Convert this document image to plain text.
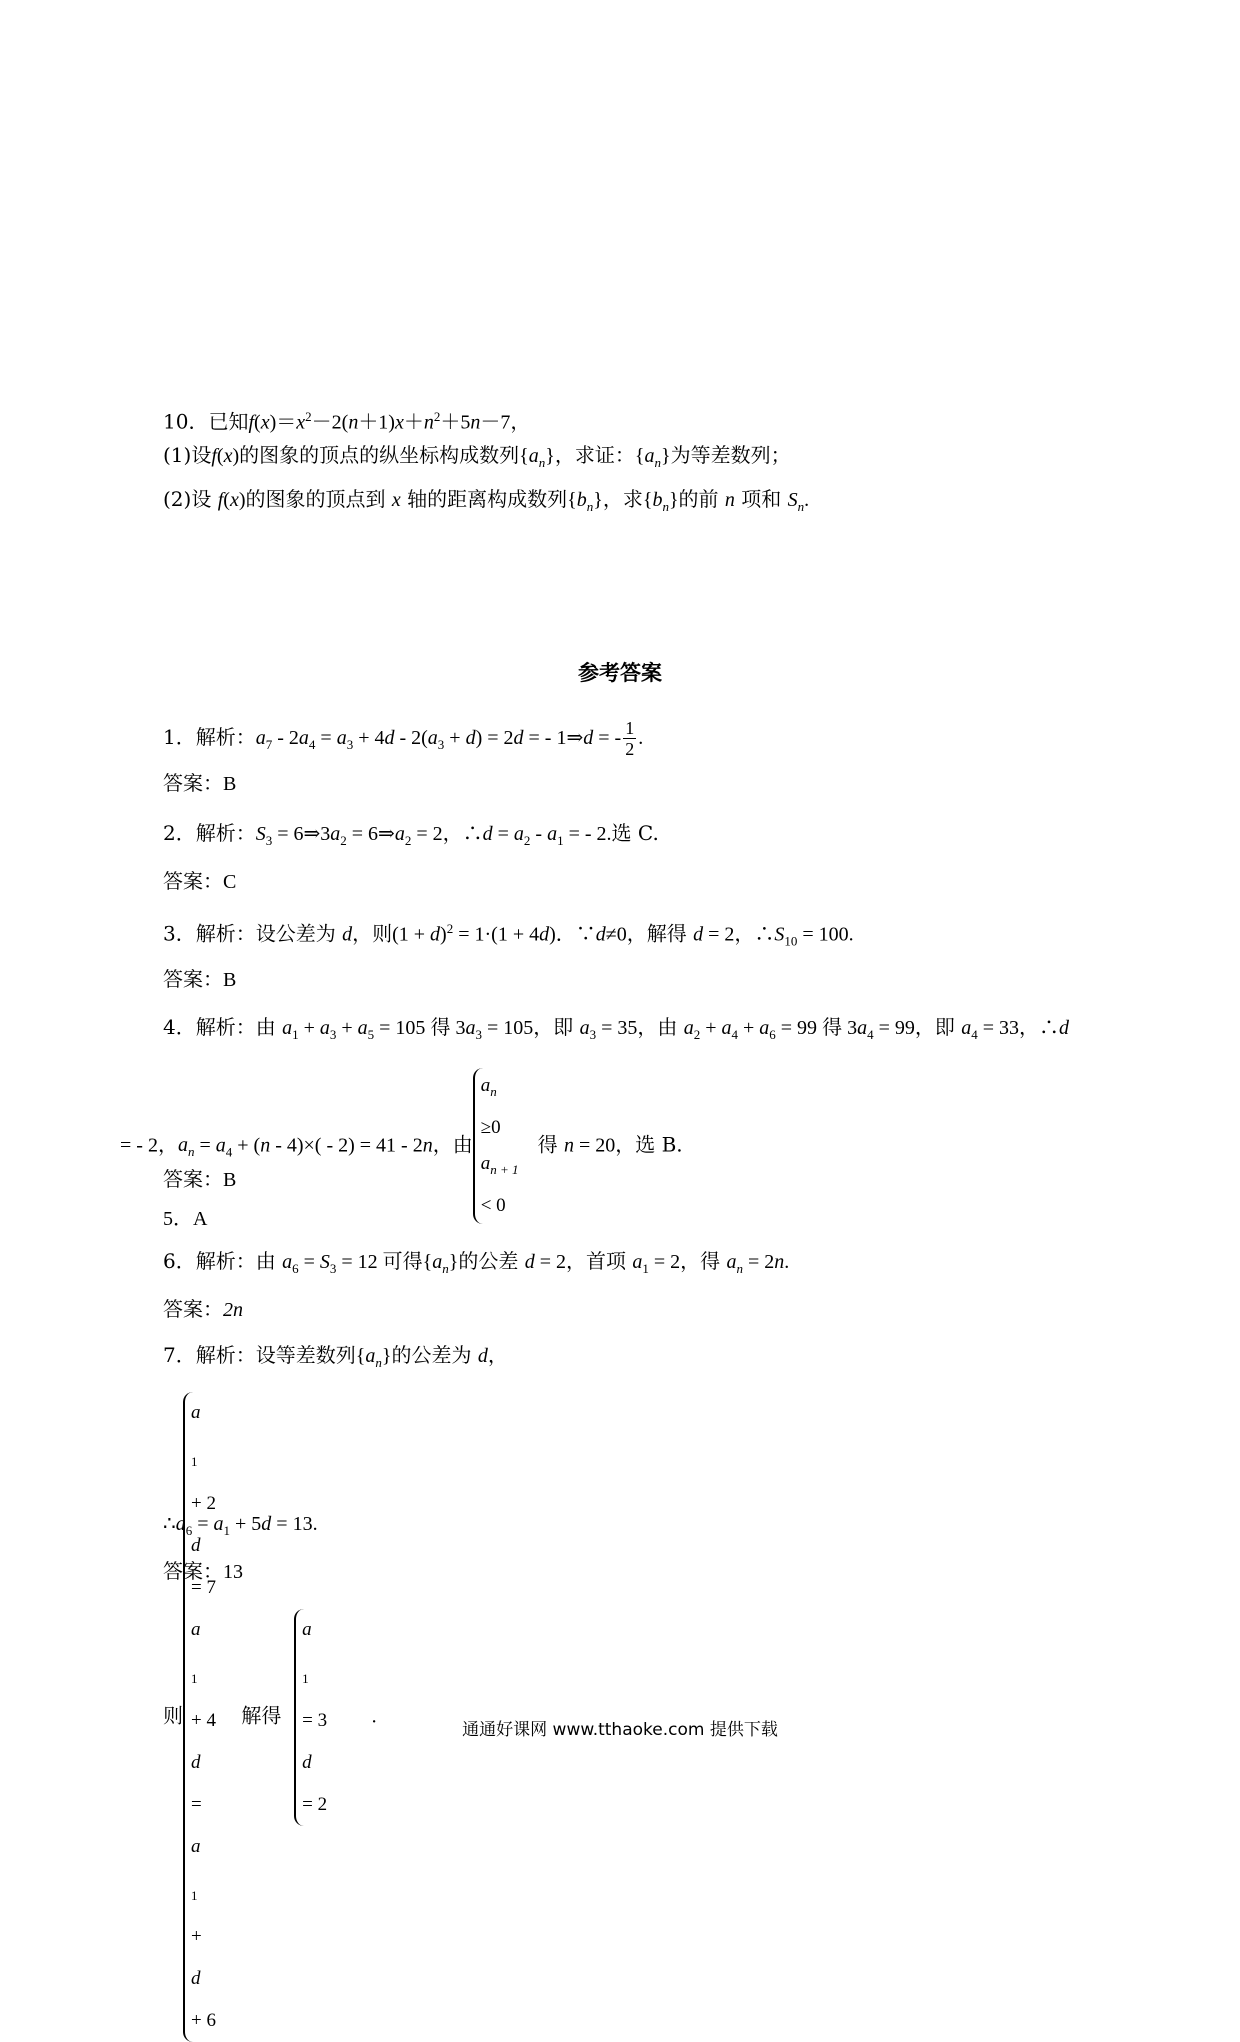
10．已知$f(x)=x^2-2(n+1)x+n^2+5n-7$，
(1)设f(x)的图象的顶点的纵坐标构成数列$\{a_n\}$，求证：$\{a_n\}$为等差数列；
(2)设 f(x)的图象的顶点到 x 轴的距离构成数列$\{b_n\}$，求$\{b_n\}$的前 n 项和 $S_n$.
参考答案
1．解析：$a_7 - 2a_4 = a_3 + 4d - 2(a_3 + d) = 2d$ = - 1⇒d = - $\frac{1}{2}$ .
答案：B
2．解析：$S_3$ = $6\Rightarrow 3a_2$ = $6\Rightarrow a_2 = 2$，∴d = $a_2 - a_1$ = - 2.选 C.
答案：C
3．解析：设公差为 d，则$(1 + d)^2 = 1\cdot(1 + 4d)$．∵d≠0，解得 d = 2，$\therefore S_{10} = 100$.
答案：B
4．解析：由 $a_1 + a_3 + a_5 = 105$ 得 $3a_3 = 105$，即 $a_3 = 35$，由 $a_2 + a_4 + a_6 = 99$ 得 $3a_4 = 99$，即 $a_4 = 33$，∴d
= - 2，$a_n = a_4 + (n - 4)\times( - 2) = 41 - 2n$，由
$a_n$
≥0
$a_{n + 1}$
< 0
得 n = 20，选 B.
答案：B
5．A
6．解析：由 $a_6 = S_3 = 12$ 可得$\{a_n\}$的公差 d = 2，首项 $a_1 = 2$，得 $a_n = 2n$.
答案：2n
7．解析：设等差数列$\{a_n\}$的公差为 d，
则
a
$_1$
+ 2
d
= 7
a
$_1$
+ 4
d
=
a
$_1$
+
d
+ 6
解得
a
$_1$
= 3
d
= 2
.
$\therefore a_6 = a_1 + 5d = 13$.
答案：13
通通好课网 www.tthaoke.com 提供下载
